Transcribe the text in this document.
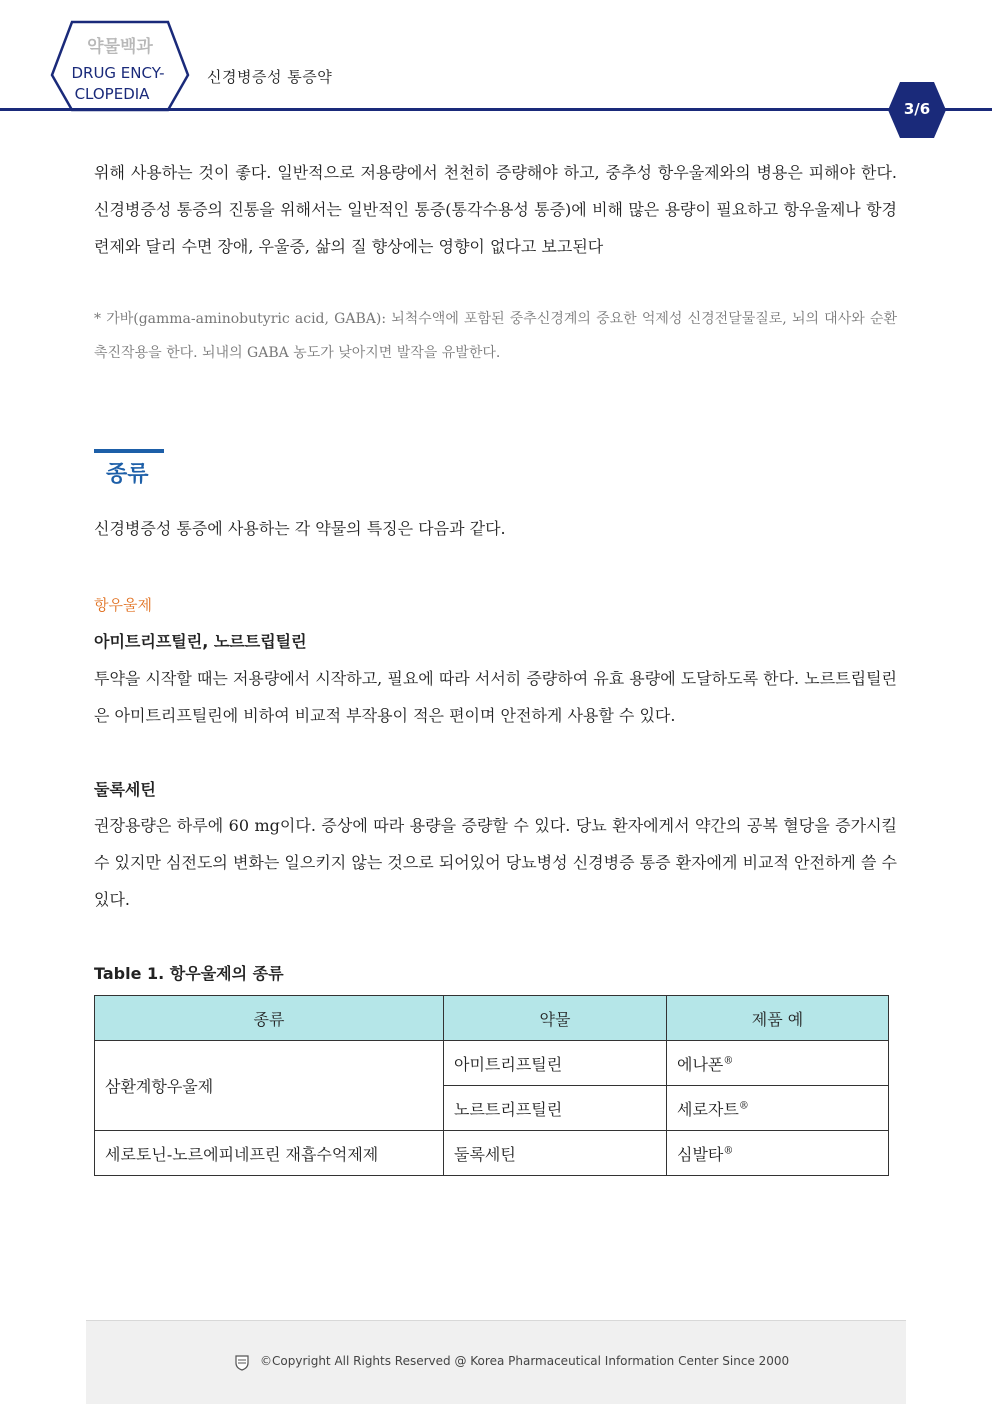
약물백과
DRUG ENCY-
CLOPEDIA
신경병증성 통증약
3/6
위해 사용하는 것이 좋다. 일반적으로 저용량에서 천천히 증량해야 하고, 중추성 항우울제와의 병용은 피해야 한다. 신경병증성 통증의 진통을 위해서는 일반적인 통증(통각수용성 통증)에 비해 많은 용량이 필요하고 항우울제나 항경련제와 달리 수면 장애, 우울증, 삶의 질 향상에는 영향이 없다고 보고된다
* 가바(gamma-aminobutyric acid, GABA): 뇌척수액에 포함된 중추신경계의 중요한 억제성 신경전달물질로, 뇌의 대사와 순환 촉진작용을 한다. 뇌내의 GABA 농도가 낮아지면 발작을 유발한다.
종류
신경병증성 통증에 사용하는 각 약물의 특징은 다음과 같다.
항우울제
아미트리프틸린, 노르트립틸린
투약을 시작할 때는 저용량에서 시작하고, 필요에 따라 서서히 증량하여 유효 용량에 도달하도록 한다. 노르트립틸린은 아미트리프틸린에 비하여 비교적 부작용이 적은 편이며 안전하게 사용할 수 있다.
둘록세틴
권장용량은 하루에 60 mg이다. 증상에 따라 용량을 증량할 수 있다. 당뇨 환자에게서 약간의 공복 혈당을 증가시킬 수 있지만 심전도의 변화는 일으키지 않는 것으로 되어있어 당뇨병성 신경병증 통증 환자에게 비교적 안전하게 쓸 수 있다.
Table 1. 항우울제의 종류
종류	약물	제품 예
삼환계항우울제	아미트리프틸린	에나폰®
	노르트리프틸린	세로자트®
세로토닌-노르에피네프린 재흡수억제제	둘록세틴	심발타®
©Copyright All Rights Reserved @ Korea Pharmaceutical Information Center Since 2000
